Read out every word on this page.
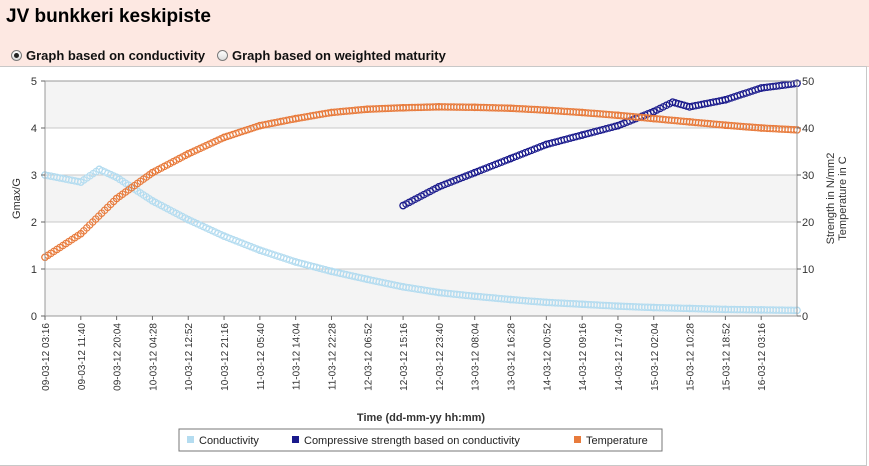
JV bunkkeri keskipiste
Graph based on conductivity Graph based on weighted maturity
0
1
2
3
4
5
0
10
20
30
40
50
09-03-12 03:16 09-03-12 11:40 09-03-12 20:04 10-03-12 04:28 10-03-12 12:52 10-03-12 21:16 11-03-12 05:40 11-03-12 14:04 11-03-12 22:28 12-03-12 06:52 12-03-12 15:16 12-03-12 23:40 13-03-12 08:04 13-03-12 16:28 14-03-12 00:52 14-03-12 09:16 14-03-12 17:40 15-03-12 02:04 15-03-12 10:28 15-03-12 18:52 16-03-12 03:16
Gmax/G	Strength in N/mm2 Temperature in C
Time (dd-mm-yy hh:mm)
Conductivity	Compressive strength based on conductivity	Temperature
